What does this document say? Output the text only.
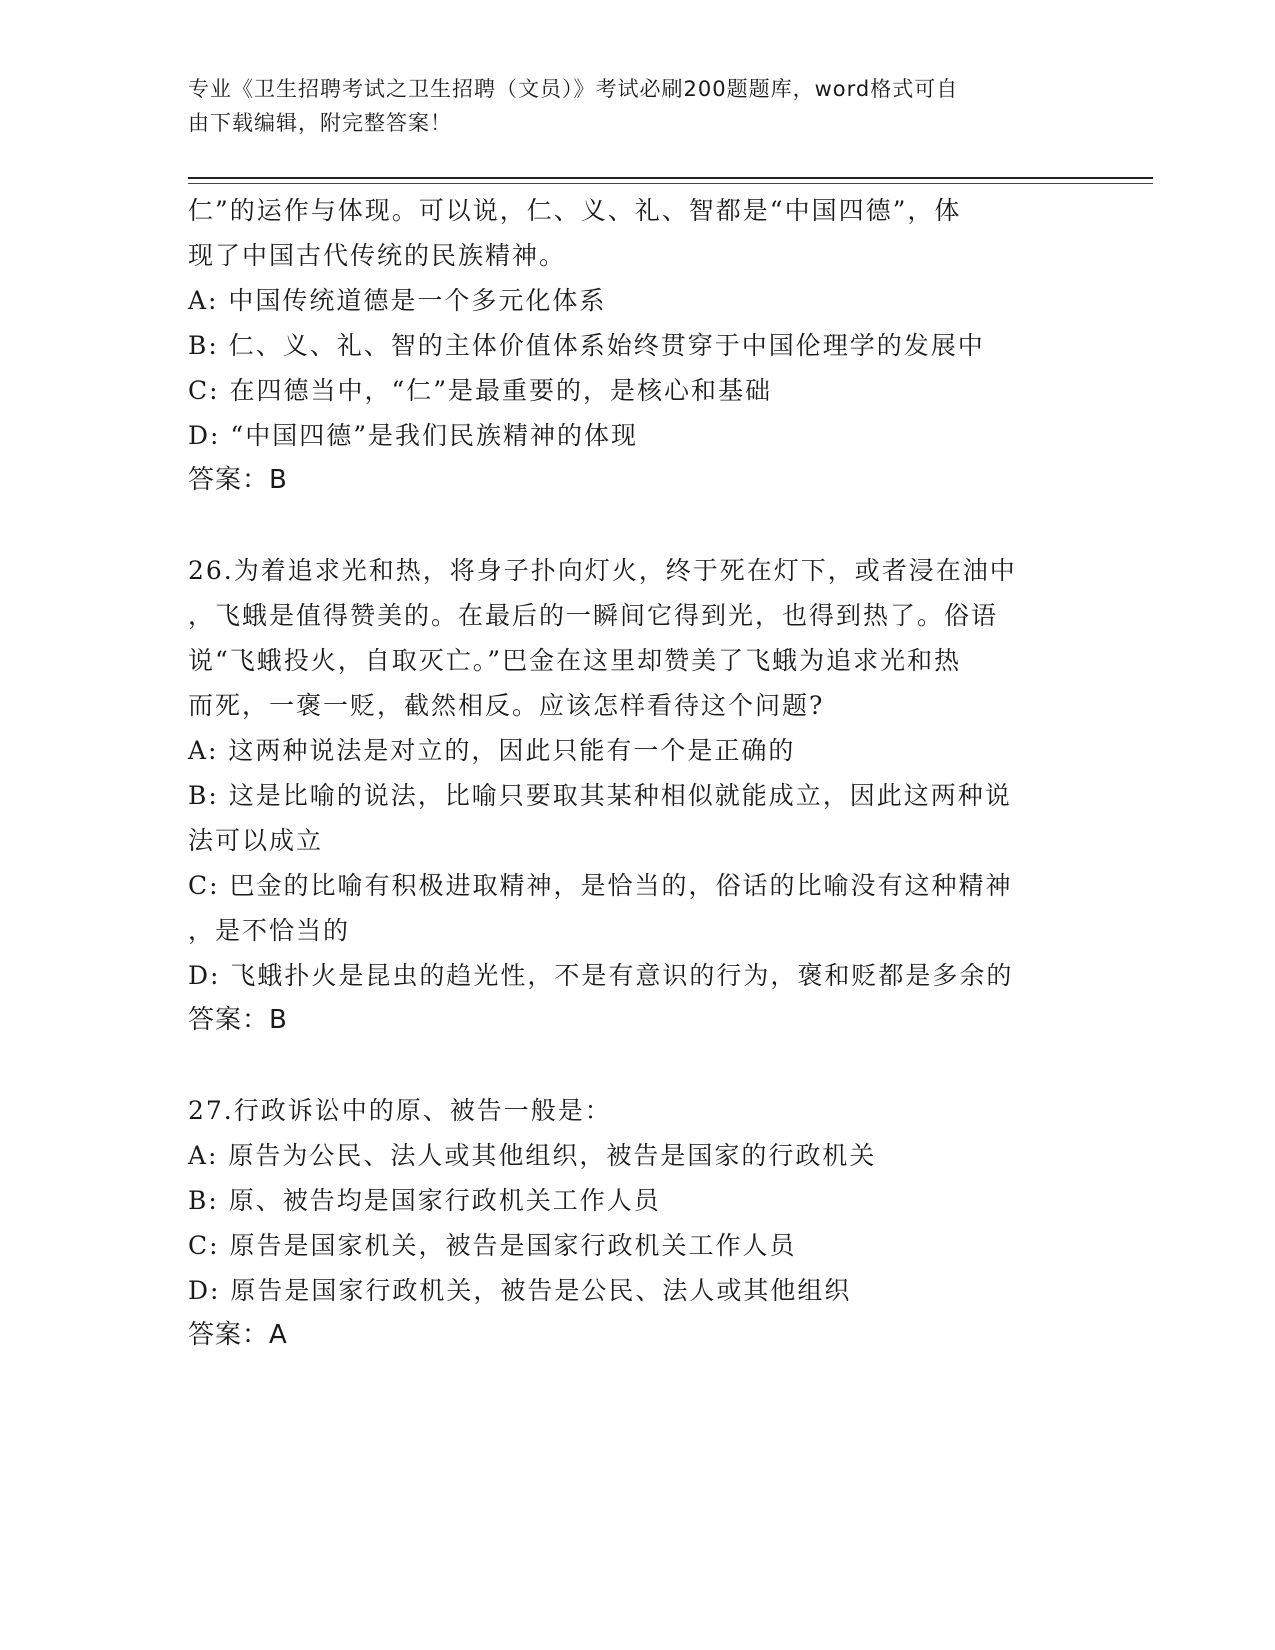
专业《卫生招聘考试之卫生招聘（文员）》考试必刷200题题库，word格式可自
由下载编辑，附完整答案！
仁”的运作与体现。可以说，仁、义、礼、智都是“中国四德”，体
现了中国古代传统的民族精神。
A: 中国传统道德是一个多元化体系
B: 仁、义、礼、智的主体价值体系始终贯穿于中国伦理学的发展中
C: 在四德当中，“仁”是最重要的，是核心和基础
D: “中国四德”是我们民族精神的体现
答案：B
26.为着追求光和热，将身子扑向灯火，终于死在灯下，或者浸在油中
，飞蛾是值得赞美的。在最后的一瞬间它得到光，也得到热了。俗语
说“飞蛾投火，自取灭亡。”巴金在这里却赞美了飞蛾为追求光和热
而死，一褒一贬，截然相反。应该怎样看待这个问题?
A: 这两种说法是对立的，因此只能有一个是正确的
B: 这是比喻的说法，比喻只要取其某种相似就能成立，因此这两种说
法可以成立
C: 巴金的比喻有积极进取精神，是恰当的，俗话的比喻没有这种精神
，是不恰当的
D: 飞蛾扑火是昆虫的趋光性，不是有意识的行为，褒和贬都是多余的
答案：B
27.行政诉讼中的原、被告一般是：
A: 原告为公民、法人或其他组织，被告是国家的行政机关
B: 原、被告均是国家行政机关工作人员
C: 原告是国家机关，被告是国家行政机关工作人员
D: 原告是国家行政机关，被告是公民、法人或其他组织
答案：A
